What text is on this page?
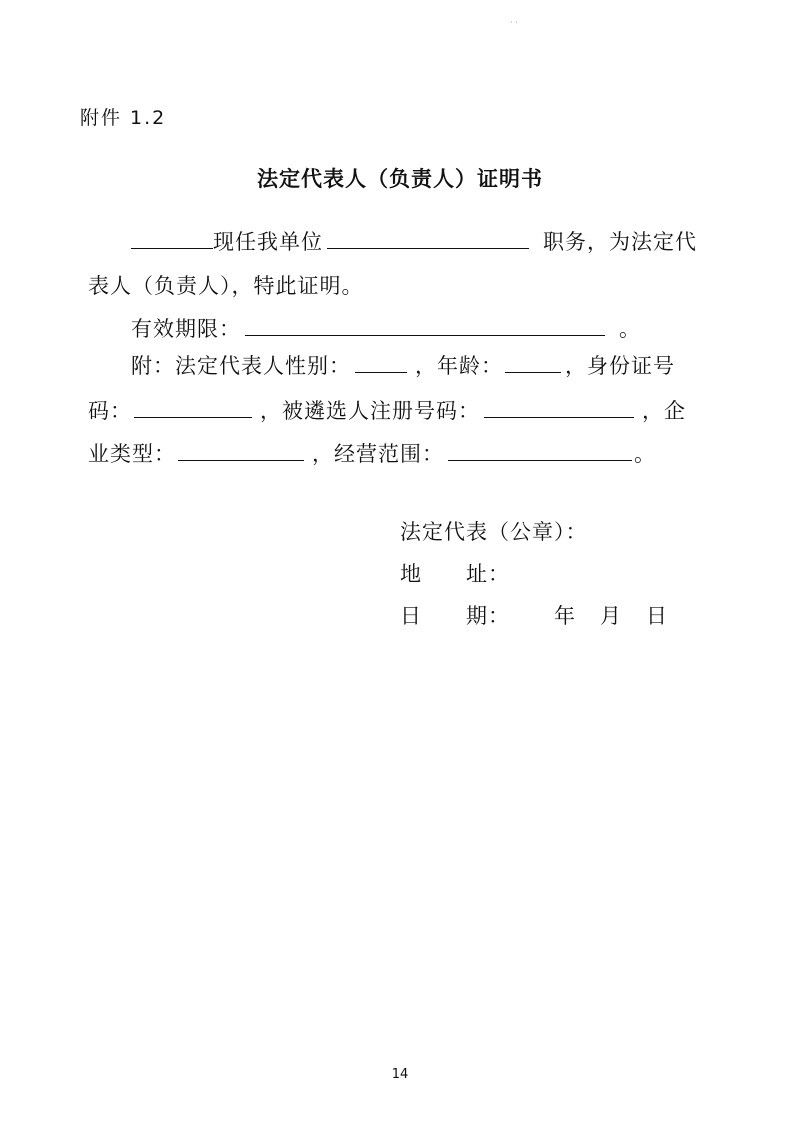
· ·
附件 1.2
法定代表人（负责人）证明书
现任我单位	职务，为法定代
表人（负责人），特此证明。
有效期限：	。
附：法定代表人性别：	，年龄：	，身份证号
码：	，被遴选人注册号码：	，企
业类型：	，经营范围：	。
法定代表（公章）：
地　　址：
日　　期： 年 月 日
14
